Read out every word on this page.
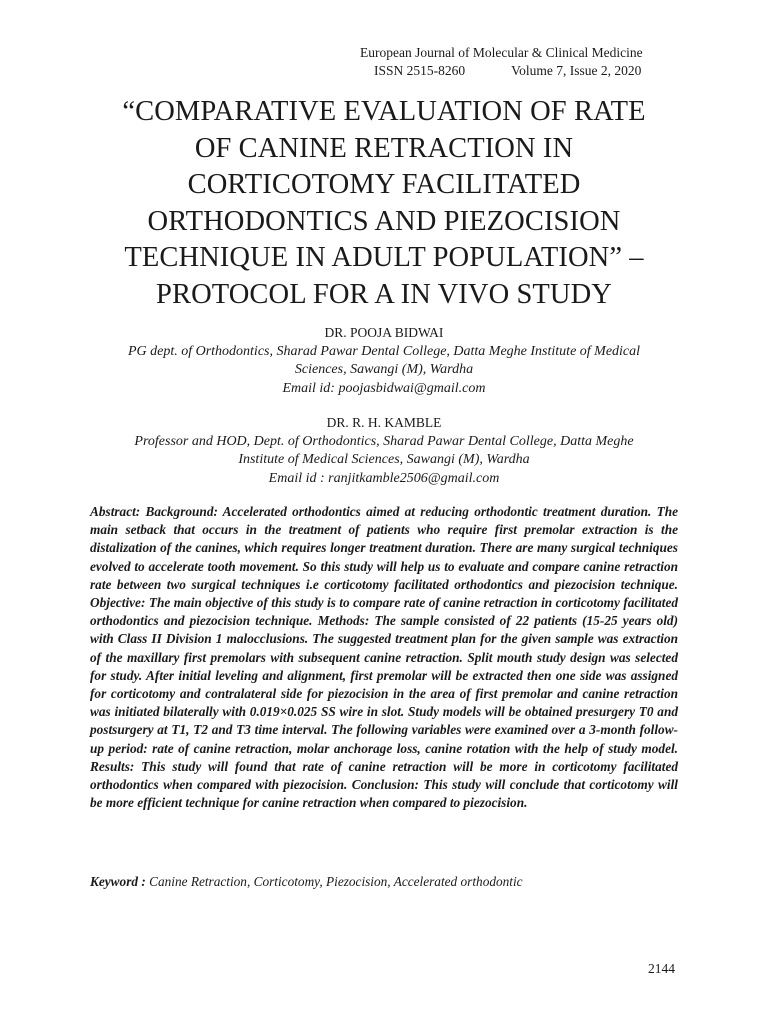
European Journal of Molecular & Clinical Medicine
ISSN 2515-8260	Volume 7, Issue 2, 2020
“COMPARATIVE EVALUATION OF RATE
OF CANINE RETRACTION IN
CORTICOTOMY FACILITATED
ORTHODONTICS AND PIEZOCISION
TECHNIQUE IN ADULT POPULATION” –
PROTOCOL FOR A IN VIVO STUDY
DR. POOJA BIDWAI
PG dept. of Orthodontics, Sharad Pawar Dental College, Datta Meghe Institute of Medical
Sciences, Sawangi (M), Wardha
Email id: poojasbidwai@gmail.com
DR. R. H. KAMBLE
Professor and HOD, Dept. of Orthodontics, Sharad Pawar Dental College, Datta Meghe
Institute of Medical Sciences, Sawangi (M), Wardha
Email id : ranjitkamble2506@gmail.com

Abstract: Background: Accelerated orthodontics aimed at reducing orthodontic treatment duration. The main setback that occurs in the treatment of patients who require first premolar extraction is the distalization of the canines, which requires longer treatment duration. There are many surgical techniques evolved to accelerate tooth movement. So this study will help us to evaluate and compare canine retraction rate between two surgical techniques i.e corticotomy facilitated orthodontics and piezocision technique. Objective: The main objective of this study is to compare rate of canine retraction in corticotomy facilitated orthodontics and piezocision technique. Methods: The sample consisted of 22 patients (15-25 years old) with Class II Division 1 malocclusions. The suggested treatment plan for the given sample was extraction of the maxillary first premolars with subsequent canine retraction. Split mouth study design was selected for study. After initial leveling and alignment, first premolar will be extracted then one side was assigned for corticotomy and contralateral side for piezocision in the area of first premolar and canine retraction was initiated bilaterally with 0.019×0.025 SS wire in slot. Study models will be obtained presurgery T0 and postsurgery at T1, T2 and T3 time interval. The following variables were examined over a 3-month follow-up period: rate of canine retraction, molar anchorage loss, canine rotation with the help of study model. Results: This study will found that rate of canine retraction will be more in corticotomy facilitated orthodontics when compared with piezocision. Conclusion: This study will conclude that corticotomy will be more efficient technique for canine retraction when compared to piezocision.

Keyword : Canine Retraction, Corticotomy, Piezocision, Accelerated orthodontic

2144
